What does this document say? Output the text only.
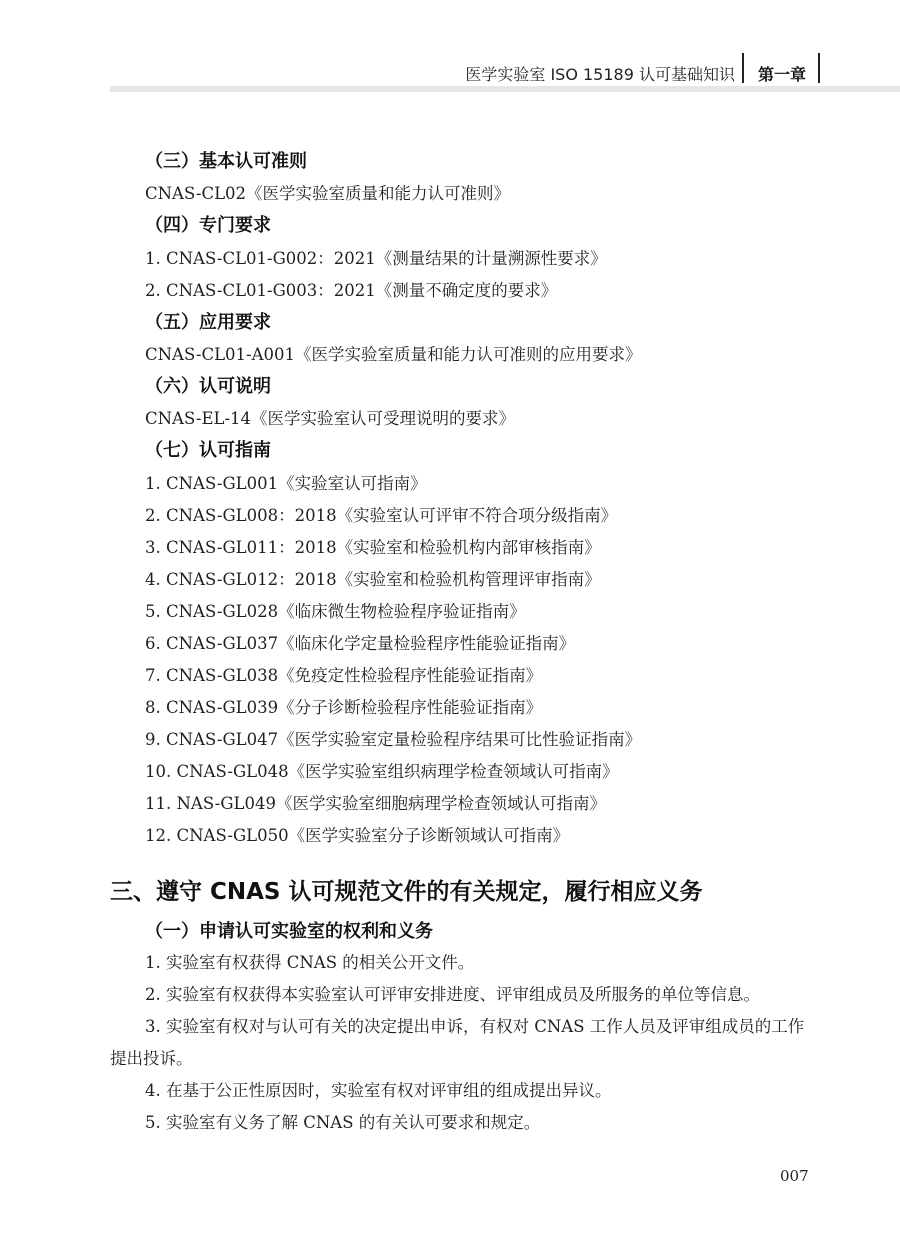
医学实验室 ISO 15189 认可基础知识 第一章
（三）基本认可准则
CNAS-CL02《医学实验室质量和能力认可准则》
（四）专门要求
1. CNAS-CL01-G002：2021《测量结果的计量溯源性要求》
2. CNAS-CL01-G003：2021《测量不确定度的要求》
（五）应用要求
CNAS-CL01-A001《医学实验室质量和能力认可准则的应用要求》
（六）认可说明
CNAS-EL-14《医学实验室认可受理说明的要求》
（七）认可指南
1. CNAS-GL001《实验室认可指南》
2. CNAS-GL008：2018《实验室认可评审不符合项分级指南》
3. CNAS-GL011：2018《实验室和检验机构内部审核指南》
4. CNAS-GL012：2018《实验室和检验机构管理评审指南》
5. CNAS-GL028《临床微生物检验程序验证指南》
6. CNAS-GL037《临床化学定量检验程序性能验证指南》
7. CNAS-GL038《免疫定性检验程序性能验证指南》
8. CNAS-GL039《分子诊断检验程序性能验证指南》
9. CNAS-GL047《医学实验室定量检验程序结果可比性验证指南》
10. CNAS-GL048《医学实验室组织病理学检查领域认可指南》
11. NAS-GL049《医学实验室细胞病理学检查领域认可指南》
12. CNAS-GL050《医学实验室分子诊断领域认可指南》
三、遵守 CNAS 认可规范文件的有关规定，履行相应义务
（一）申请认可实验室的权利和义务
1. 实验室有权获得 CNAS 的相关公开文件。
2. 实验室有权获得本实验室认可评审安排进度、评审组成员及所服务的单位等信息。
3. 实验室有权对与认可有关的决定提出申诉，有权对 CNAS 工作人员及评审组成员的工作提出投诉。
4. 在基于公正性原因时，实验室有权对评审组的组成提出异议。
5. 实验室有义务了解 CNAS 的有关认可要求和规定。
007
